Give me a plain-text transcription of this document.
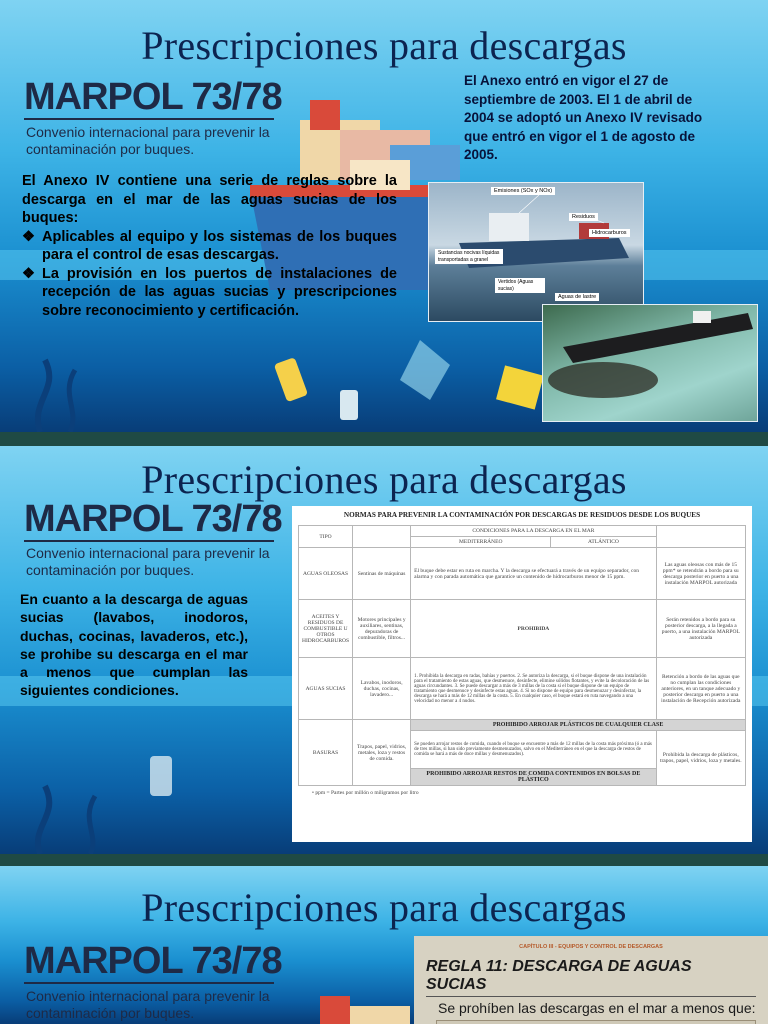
Prescripciones para descargas
MARPOL 73/78
Convenio internacional para prevenir la contaminación por buques.
El Anexo IV contiene una serie de reglas sobre la descarga en el mar de las aguas sucias de los buques:
❖ Aplicables al equipo y los sistemas de los buques para el control de esas descargas.
❖ La provisión en los puertos de instalaciones de recepción de las aguas sucias y prescripciones sobre reconocimiento y certificación.
El Anexo entró en vigor el 27 de septiembre de 2003. El 1 de abril de 2004 se adoptó un Anexo IV revisado que entró en vigor el 1 de agosto de 2005.
Emisiones (SOx y NOx)
Residuos
Hidrocarburos
Sustancias nocivas líquidas transportadas a granel
Vertidos (Aguas sucias)
Aguas de lastre
Prescripciones para descargas
MARPOL 73/78
Convenio internacional para prevenir la contaminación por buques.
En cuanto a la descarga de aguas sucias (lavabos, inodoros, duchas, cocinas, lavaderos, etc.), se prohibe su descarga en el mar a menos que cumplan las siguientes condiciones.
NORMAS PARA PREVENIR LA CONTAMINACIÓN POR DESCARGAS DE RESIDUOS DESDE LOS BUQUES
TIPO		CONDICIONES PARA LA DESCARGA EN EL MAR		
		MEDITERRÁNEO	ATLÁNTICO	
AGUAS OLEOSAS	Sentinas de máquinas	El buque debe estar en ruta en marcha. Y la descarga se efectuará a través de un equipo separador, con alarma y con parada automática que garantice un contenido de hidrocarburos menor de 15 ppm.		Las aguas oleosas con más de 15 ppm* se retendrán a bordo para su descarga posterior en puerto a una instalación MARPOL autorizada
ACEITES Y RESIDUOS DE COMBUSTIBLE U OTROS HIDROCARBUROS	Motores principales y auxiliares, sentinas, depuradoras de combustible, filtros...	PROHIBIDA		Serán retenidos a bordo para su posterior descarga, a la llegada a puerto, a una instalación MARPOL autorizada
AGUAS SUCIAS	Lavabos, inodoros, duchas, cocinas, lavadero...	1. Prohibida la descarga en radas, bahías y puertos. 2. Se autoriza la descarga, si el buque dispone de una instalación para el tratamiento de estas aguas, que desmenuce, desinfecte, elimine sólidos flotantes, y evite la decoloración de las aguas circundantes. 3. Se puede descargar a más de 3 millas de la costa si el buque dispone de un equipo de tratamiento que desmenuce y desinfecte estas aguas. 4. Si no dispone de equipo para desmenuzar y desinfectar, la descarga se hará a más de 12 millas de la costa. 5. En cualquier caso, el buque estará en ruta navegando a una velocidad no menor a 4 nudos.		Retención a bordo de las aguas que no cumplan las condiciones anteriores, en un tanque adecuado y posterior descarga en puerto a una instalación de Recepción autorizada
BASURAS	Trapos, papel, vidrios, metales, loza y restos de comida.	PROHIBIDO ARROJAR PLÁSTICOS DE CUALQUIER CLASE		
		Se pueden arrojar restos de comida, cuando el buque se encuentre a más de 12 millas de la costa más próxima (ó a más de tres millas, si han sido previamente desmenuzados, salvo en el Mediterráneo en el que la descarga de restos de comida se hará a más de doce millas y desmenuzados).		Prohibida la descarga de plásticos, trapos, papel, vidrios, loza y metales.
		PROHIBIDO ARROJAR RESTOS DE COMIDA CONTENIDOS EN BOLSAS DE PLÁSTICO		
• ppm = Partes por millón o miligramos por litro
Prescripciones para descargas
MARPOL 73/78
Convenio internacional para prevenir la contaminación por buques.
CAPÍTULO III - EQUIPOS Y CONTROL DE DESCARGAS
REGLA 11: DESCARGA DE AGUAS SUCIAS
Se prohíben las descargas en el mar a menos que:
